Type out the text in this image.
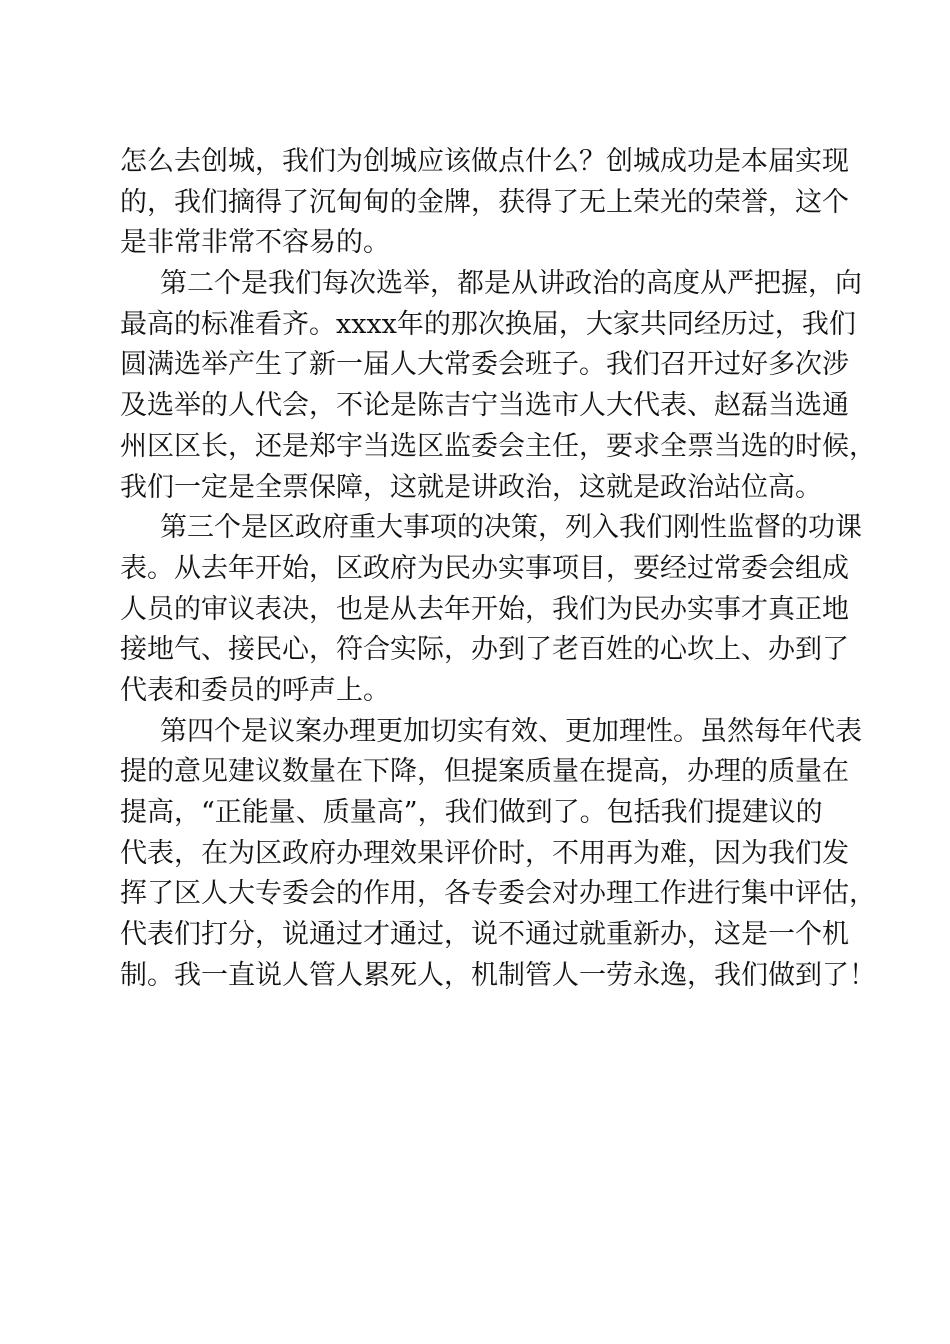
怎么去创城，我们为创城应该做点什么？创城成功是本届实现
的，我们摘得了沉甸甸的金牌，获得了无上荣光的荣誉，这个
是非常非常不容易的。
第二个是我们每次选举，都是从讲政治的高度从严把握，向
最高的标准看齐。xxxx年的那次换届，大家共同经历过，我们
圆满选举产生了新一届人大常委会班子。我们召开过好多次涉
及选举的人代会，不论是陈吉宁当选市人大代表、赵磊当选通
州区区长，还是郑宇当选区监委会主任，要求全票当选的时候，
我们一定是全票保障，这就是讲政治，这就是政治站位高。
第三个是区政府重大事项的决策，列入我们刚性监督的功课
表。从去年开始，区政府为民办实事项目，要经过常委会组成
人员的审议表决，也是从去年开始，我们为民办实事才真正地
接地气、接民心，符合实际，办到了老百姓的心坎上、办到了
代表和委员的呼声上。
第四个是议案办理更加切实有效、更加理性。虽然每年代表
提的意见建议数量在下降，但提案质量在提高，办理的质量在
提高，“正能量、质量高”，我们做到了。包括我们提建议的
代表，在为区政府办理效果评价时，不用再为难，因为我们发
挥了区人大专委会的作用，各专委会对办理工作进行集中评估，
代表们打分，说通过才通过，说不通过就重新办，这是一个机
制。我一直说人管人累死人，机制管人一劳永逸，我们做到了！
